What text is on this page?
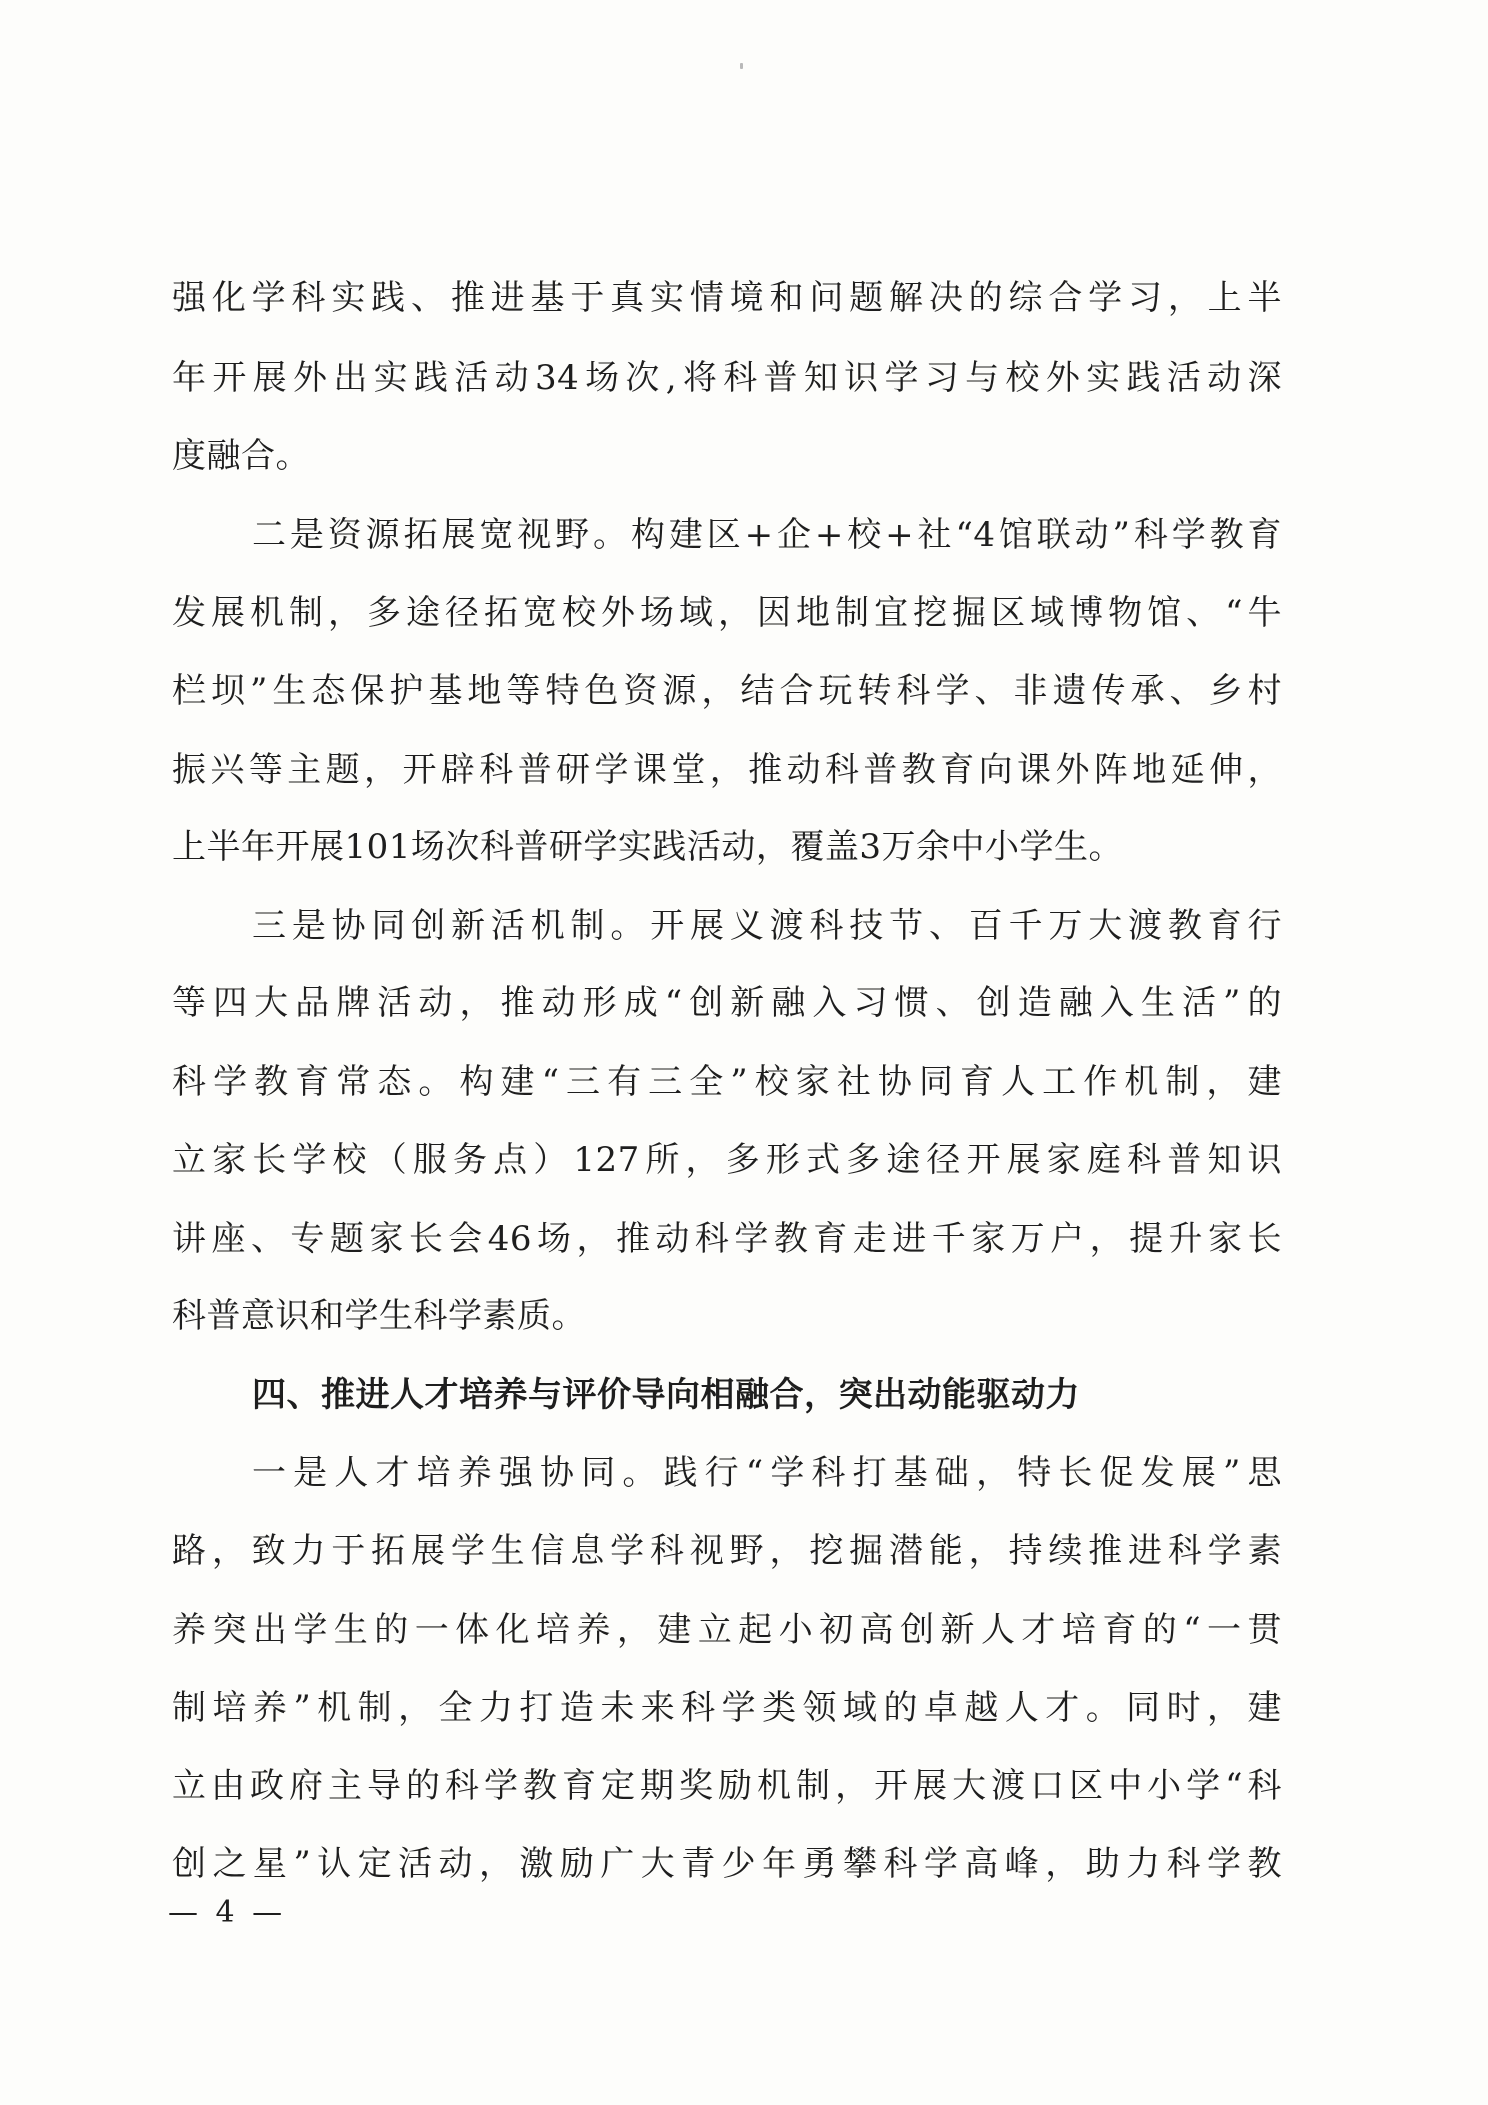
强化学科实践、推进基于真实情境和问题解决的综合学习，上半
年开展外出实践活动34场次,将科普知识学习与校外实践活动深
度融合。
二是资源拓展宽视野。构建区+企+校+社“4馆联动”科学教育
发展机制，多途径拓宽校外场域，因地制宜挖掘区域博物馆、“牛
栏坝”生态保护基地等特色资源，结合玩转科学、非遗传承、乡村
振兴等主题，开辟科普研学课堂，推动科普教育向课外阵地延伸，
上半年开展101场次科普研学实践活动，覆盖3万余中小学生。
三是协同创新活机制。开展义渡科技节、百千万大渡教育行
等四大品牌活动，推动形成“创新融入习惯、创造融入生活”的
科学教育常态。构建“三有三全”校家社协同育人工作机制，建
立家长学校（服务点）127所，多形式多途径开展家庭科普知识
讲座、专题家长会46场，推动科学教育走进千家万户，提升家长
科普意识和学生科学素质。
四、推进人才培养与评价导向相融合，突出动能驱动力
一是人才培养强协同。践行“学科打基础，特长促发展”思
路，致力于拓展学生信息学科视野，挖掘潜能，持续推进科学素
养突出学生的一体化培养，建立起小初高创新人才培育的“一贯
制培养”机制，全力打造未来科学类领域的卓越人才。同时，建
立由政府主导的科学教育定期奖励机制，开展大渡口区中小学“科
创之星”认定活动，激励广大青少年勇攀科学高峰，助力科学教
— 4 —
